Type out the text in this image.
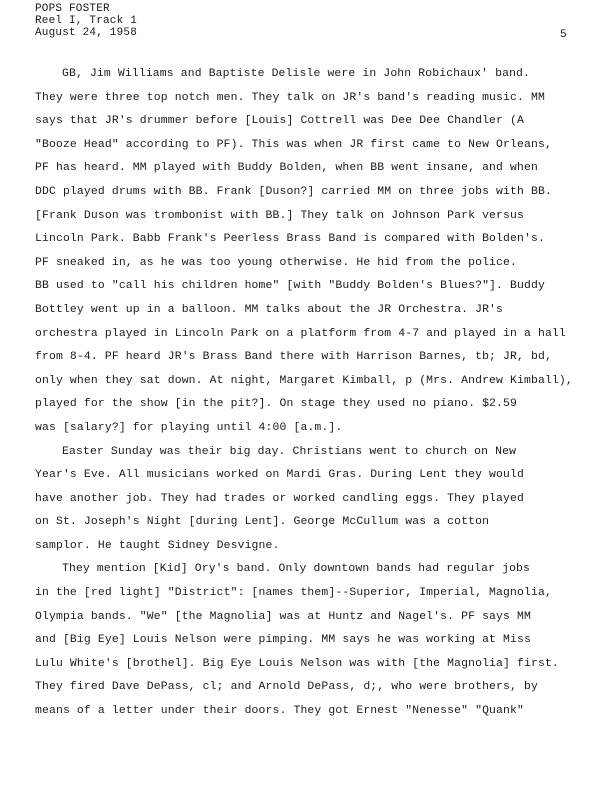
POPS FOSTER
Reel I, Track 1
August 24, 1958	5
GB, Jim Williams and Baptiste Delisle were in John Robichaux' band.
They were three top notch men. They talk on JR's band's reading music. MM
says that JR's drummer before [Louis] Cottrell was Dee Dee Chandler (A
"Booze Head" according to PF). This was when JR first came to New Orleans,
PF has heard. MM played with Buddy Bolden, when BB went insane, and when
DDC played drums with BB. Frank [Duson?] carried MM on three jobs with BB.
[Frank Duson was trombonist with BB.] They talk on Johnson Park versus
Lincoln Park. Babb Frank's Peerless Brass Band is compared with Bolden's.
PF sneaked in, as he was too young otherwise. He hid from the police.
BB used to "call his children home" [with "Buddy Bolden's Blues?"]. Buddy
Bottley went up in a balloon. MM talks about the JR Orchestra. JR's
orchestra played in Lincoln Park on a platform from 4-7 and played in a hall
from 8-4. PF heard JR's Brass Band there with Harrison Barnes, tb; JR, bd,
only when they sat down. At night, Margaret Kimball, p (Mrs. Andrew Kimball),
played for the show [in the pit?]. On stage they used no piano. $2.59
was [salary?] for playing until 4:00 [a.m.].
Easter Sunday was their big day. Christians went to church on New
Year's Eve. All musicians worked on Mardi Gras. During Lent they would
have another job. They had trades or worked candling eggs. They played
on St. Joseph's Night [during Lent]. George McCullum was a cotton
samplor. He taught Sidney Desvigne.
They mention [Kid] Ory's band. Only downtown bands had regular jobs
in the [red light] "District": [names them]--Superior, Imperial, Magnolia,
Olympia bands. "We" [the Magnolia] was at Huntz and Nagel's. PF says MM
and [Big Eye] Louis Nelson were pimping. MM says he was working at Miss
Lulu White's [brothel]. Big Eye Louis Nelson was with [the Magnolia] first.
They fired Dave DePass, cl; and Arnold DePass, d;, who were brothers, by
means of a letter under their doors. They got Ernest "Nenesse" "Quank"
